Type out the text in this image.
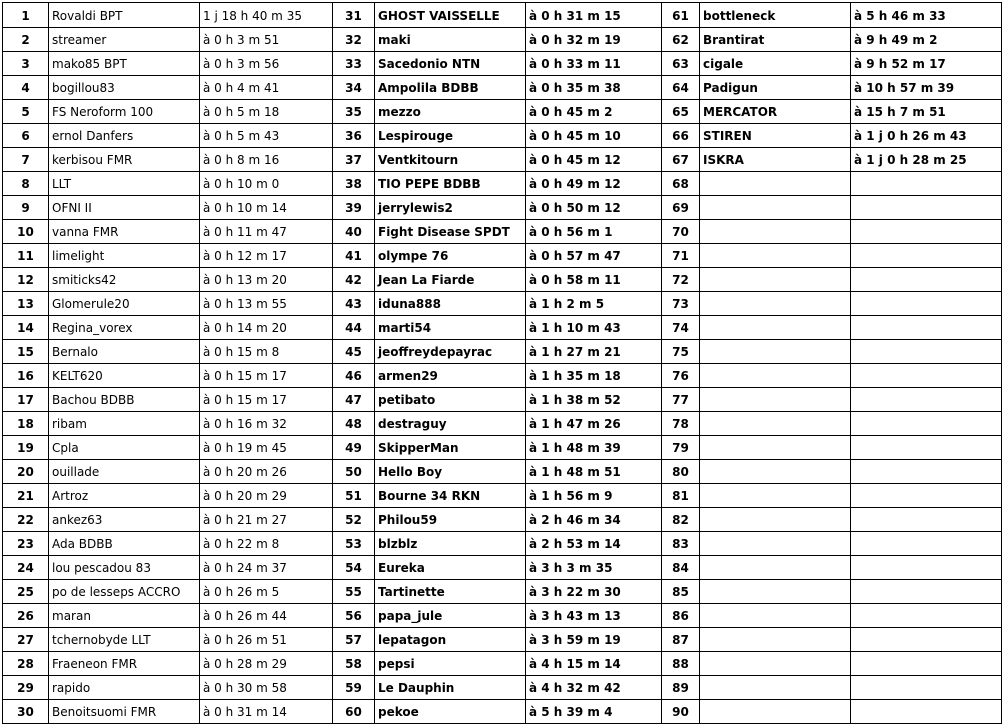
1	Rovaldi BPT	1 j 18 h 40 m 35	31	GHOST VAISSELLE	à 0 h 31 m 15	61	bottleneck	à 5 h 46 m 33
2	streamer	à 0 h 3 m 51	32	maki	à 0 h 32 m 19	62	Brantirat	à 9 h 49 m 2
3	mako85 BPT	à 0 h 3 m 56	33	Sacedonio NTN	à 0 h 33 m 11	63	cigale	à 9 h 52 m 17
4	bogillou83	à 0 h 4 m 41	34	Ampolila BDBB	à 0 h 35 m 38	64	Padigun	à 10 h 57 m 39
5	FS Neroform 100	à 0 h 5 m 18	35	mezzo	à 0 h 45 m 2	65	MERCATOR	à 15 h 7 m 51
6	ernol Danfers	à 0 h 5 m 43	36	Lespirouge	à 0 h 45 m 10	66	STIREN	à 1 j 0 h 26 m 43
7	kerbisou FMR	à 0 h 8 m 16	37	Ventkitourn	à 0 h 45 m 12	67	ISKRA	à 1 j 0 h 28 m 25
8	LLT	à 0 h 10 m 0	38	TIO PEPE BDBB	à 0 h 49 m 12	68		
9	OFNI II	à 0 h 10 m 14	39	jerrylewis2	à 0 h 50 m 12	69		
10	vanna FMR	à 0 h 11 m 47	40	Fight Disease SPDT	à 0 h 56 m 1	70		
11	limelight	à 0 h 12 m 17	41	olympe 76	à 0 h 57 m 47	71		
12	smiticks42	à 0 h 13 m 20	42	Jean La Fiarde	à 0 h 58 m 11	72		
13	Glomerule20	à 0 h 13 m 55	43	iduna888	à 1 h 2 m 5	73		
14	Regina_vorex	à 0 h 14 m 20	44	marti54	à 1 h 10 m 43	74		
15	Bernalo	à 0 h 15 m 8	45	jeoffreydepayrac	à 1 h 27 m 21	75		
16	KELT620	à 0 h 15 m 17	46	armen29	à 1 h 35 m 18	76		
17	Bachou BDBB	à 0 h 15 m 17	47	petibato	à 1 h 38 m 52	77		
18	ribam	à 0 h 16 m 32	48	destraguy	à 1 h 47 m 26	78		
19	Cpla	à 0 h 19 m 45	49	SkipperMan	à 1 h 48 m 39	79		
20	ouillade	à 0 h 20 m 26	50	Hello Boy	à 1 h 48 m 51	80		
21	Artroz	à 0 h 20 m 29	51	Bourne 34 RKN	à 1 h 56 m 9	81		
22	ankez63	à 0 h 21 m 27	52	Philou59	à 2 h 46 m 34	82		
23	Ada BDBB	à 0 h 22 m 8	53	blzblz	à 2 h 53 m 14	83		
24	lou pescadou 83	à 0 h 24 m 37	54	Eureka	à 3 h 3 m 35	84		
25	po de lesseps ACCRO	à 0 h 26 m 5	55	Tartinette	à 3 h 22 m 30	85		
26	maran	à 0 h 26 m 44	56	papa_jule	à 3 h 43 m 13	86		
27	tchernobyde LLT	à 0 h 26 m 51	57	lepatagon	à 3 h 59 m 19	87		
28	Fraeneon FMR	à 0 h 28 m 29	58	pepsi	à 4 h 15 m 14	88		
29	rapido	à 0 h 30 m 58	59	Le Dauphin	à 4 h 32 m 42	89		
30	Benoitsuomi FMR	à 0 h 31 m 14	60	pekoe	à 5 h 39 m 4	90		
